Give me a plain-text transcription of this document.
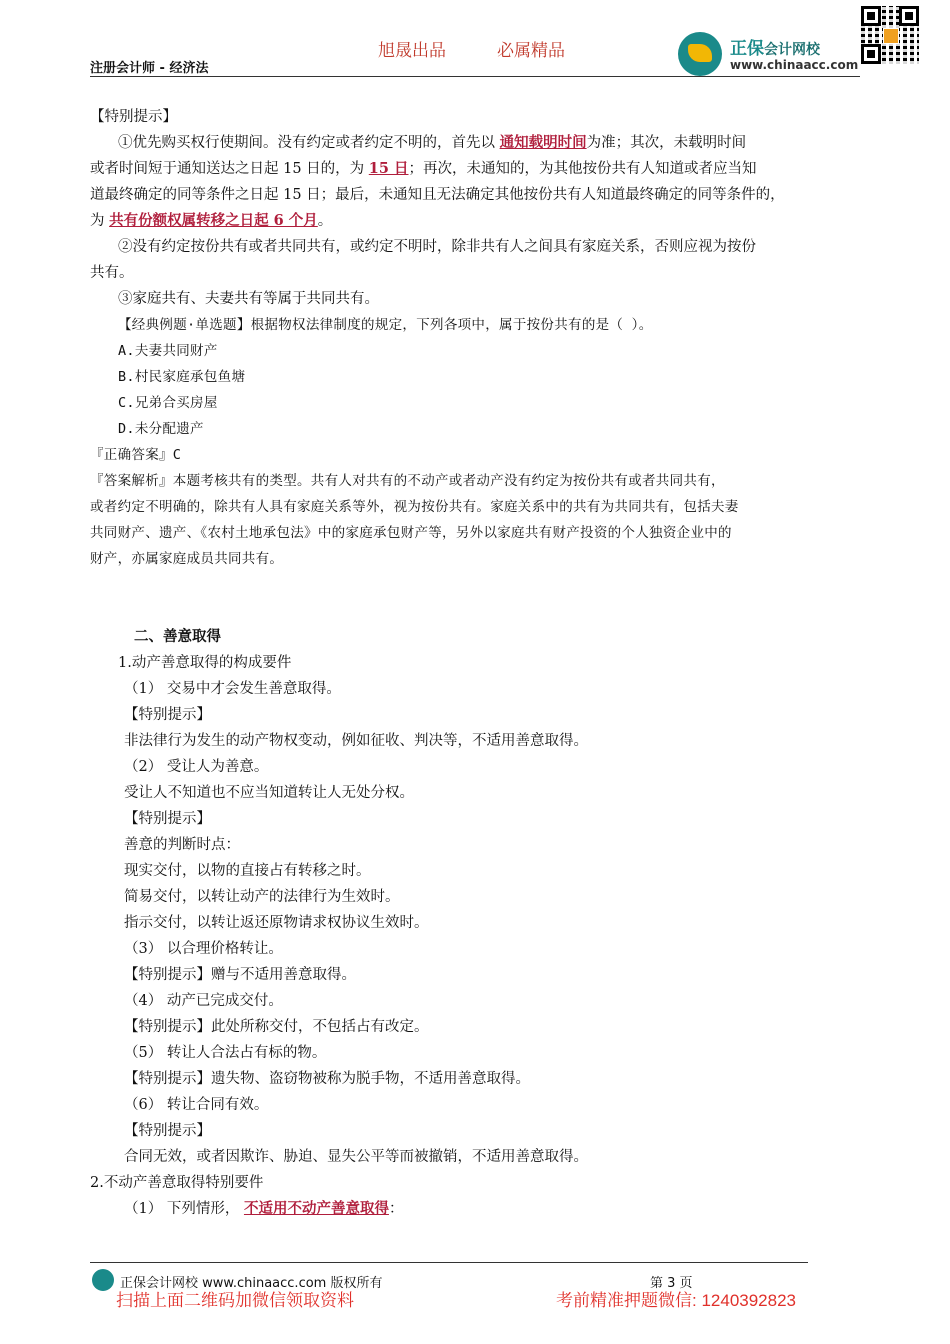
旭晟出品	必属精品
注册会计师 - 经济法
正保会计网校
www.chinaacc.com

【特别提示】

①优先购买权行使期间。没有约定或者约定不明的，首先以 通知载明时间为准；其次，未载明时间

或者时间短于通知送达之日起 15 日的，为 15 日；再次，未通知的，为其他按份共有人知道或者应当知

道最终确定的同等条件之日起 15 日；最后，未通知且无法确定其他按份共有人知道最终确定的同等条件的，

为 共有份额权属转移之日起 6 个月。

②没有约定按份共有或者共同共有，或约定不明时，除非共有人之间具有家庭关系，否则应视为按份

共有。

③家庭共有、夫妻共有等属于共同共有。

【经典例题·单选题】根据物权法律制度的规定，下列各项中，属于按份共有的是（ ）。

A.夫妻共同财产

B.村民家庭承包鱼塘

C.兄弟合买房屋

D.未分配遗产

『正确答案』C

『答案解析』本题考核共有的类型。共有人对共有的不动产或者动产没有约定为按份共有或者共同共有，

或者约定不明确的，除共有人具有家庭关系等外，视为按份共有。家庭关系中的共有为共同共有，包括夫妻

共同财产、遗产、《农村土地承包法》中的家庭承包财产等，另外以家庭共有财产投资的个人独资企业中的

财产，亦属家庭成员共同共有。

二、善意取得

1.动产善意取得的构成要件

（1） 交易中才会发生善意取得。

【特别提示】

非法律行为发生的动产物权变动，例如征收、判决等，不适用善意取得。

（2） 受让人为善意。

受让人不知道也不应当知道转让人无处分权。

【特别提示】

善意的判断时点：

现实交付，以物的直接占有转移之时。

简易交付，以转让动产的法律行为生效时。

指示交付，以转让返还原物请求权协议生效时。

（3） 以合理价格转让。

【特别提示】赠与不适用善意取得。

（4） 动产已完成交付。

【特别提示】此处所称交付，不包括占有改定。

（5） 转让人合法占有标的物。

【特别提示】遗失物、盗窃物被称为脱手物，不适用善意取得。

（6） 转让合同有效。

【特别提示】

合同无效，或者因欺诈、胁迫、显失公平等而被撤销，不适用善意取得。

2.不动产善意取得特别要件

（1） 下列情形， 不适用不动产善意取得：

正保会计网校 www.chinaacc.com 版权所有	第 3 页
扫描上面二维码加微信领取资料	考前精准押题微信: 1240392823
